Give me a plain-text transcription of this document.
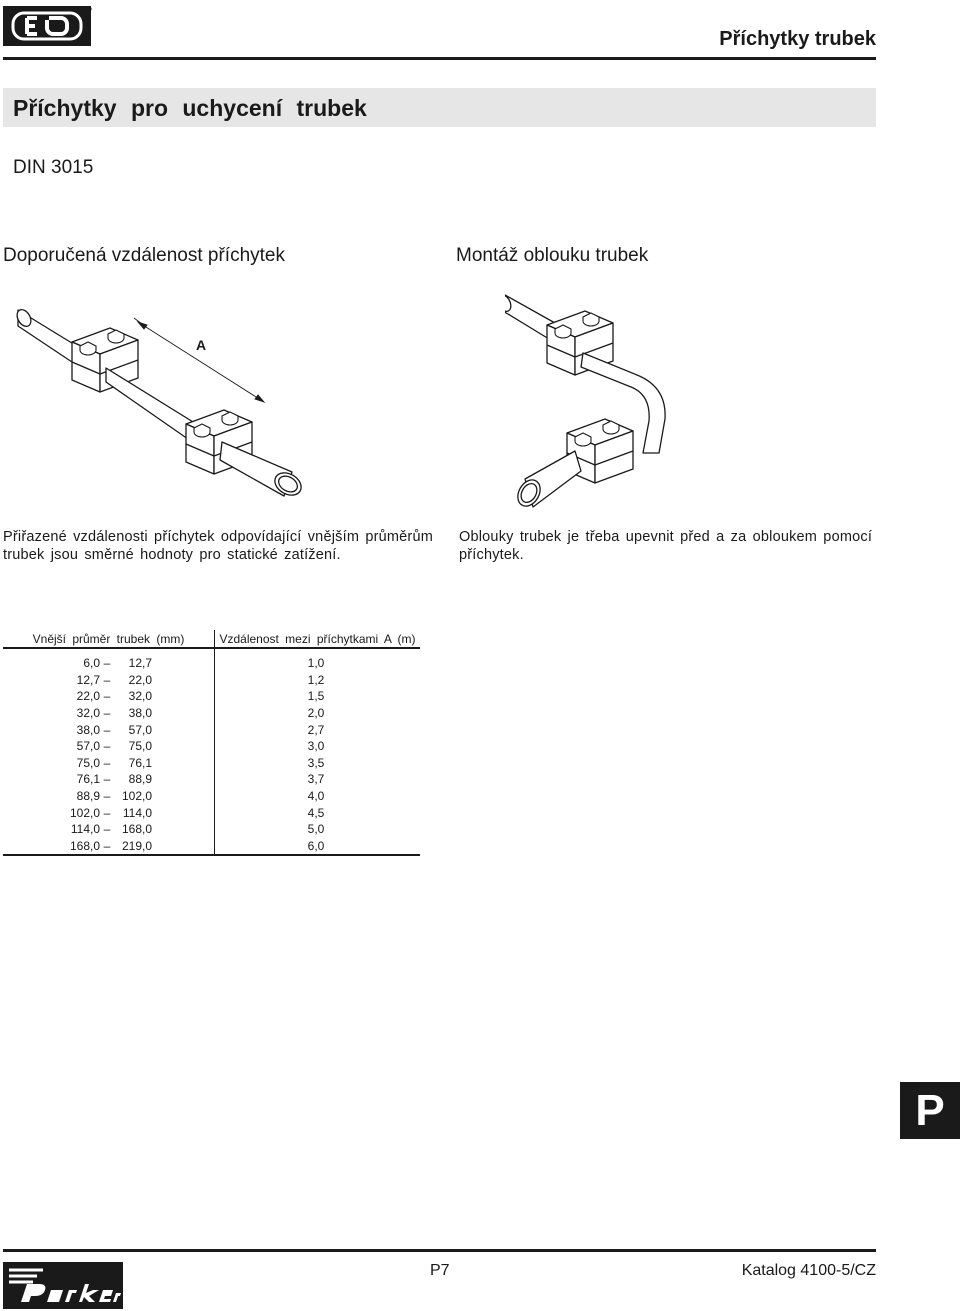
Příchytky trubek
Příchytky pro uchycení trubek
DIN 3015
Doporučená vzdálenost příchytek	Montáž oblouku trubek
A
Přiřazené vzdálenosti příchytek odpovídající vnějším průměrům trubek jsou směrné hodnoty pro statické zatížení.
Oblouky trubek je třeba upevnit před a za obloukem pomocí příchytek.
Vnější průměr trubek (mm)	Vzdálenost mezi příchytkami A (m)
6,0 – 12,7	1,0
12,7 – 22,0	1,2
22,0 – 32,0	1,5
32,0 – 38,0	2,0
38,0 – 57,0	2,7
57,0 – 75,0	3,0
75,0 – 76,1	3,5
76,1 – 88,9	3,7
88,9 – 102,0	4,0
102,0 – 114,0	4,5
114,0 – 168,0	5,0
168,0 – 219,0	6,0
P
P7	Katalog 4100-5/CZ
